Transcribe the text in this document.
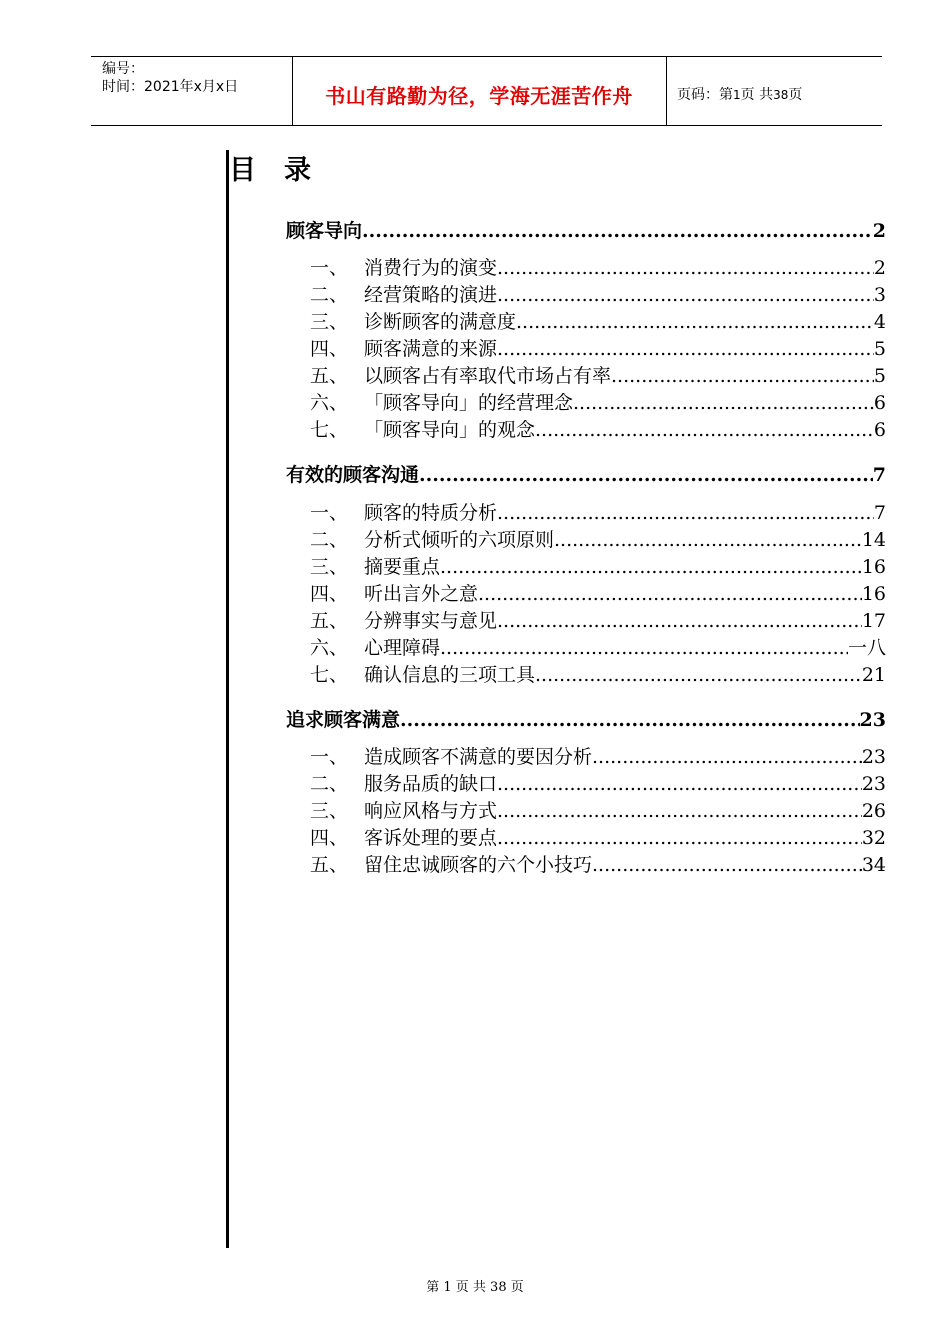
编号：
时间：2021年x月x日	书山有路勤为径，学海无涯苦作舟	页码：第1页 共38页
目 录
顾客导向 .....	2
一、 消费行为的演变 .....	2
二、 经营策略的演进 .....	3
三、 诊断顾客的满意度 .....	4
四、 顾客满意的来源 .....	5
五、 以顾客占有率取代市场占有率 .....	5
六、 「顾客导向」的经营理念 .....	6
七、 「顾客导向」的观念 .....	6
有效的顾客沟通 .....	7
一、 顾客的特质分析 .....	7
二、 分析式倾听的六项原则 .....	14
三、 摘要重点 .....	16
四、 听出言外之意 .....	16
五、 分辨事实与意见 .....	17
六、 心理障碍 .....	一八
七、 确认信息的三项工具 .....	21
追求顾客满意 .....	23
一、 造成顾客不满意的要因分析 .....	23
二、 服务品质的缺口 .....	23
三、 响应风格与方式 .....	26
四、 客诉处理的要点 .....	32
五、 留住忠诚顾客的六个小技巧 .....	34
第 1 页 共 38 页
